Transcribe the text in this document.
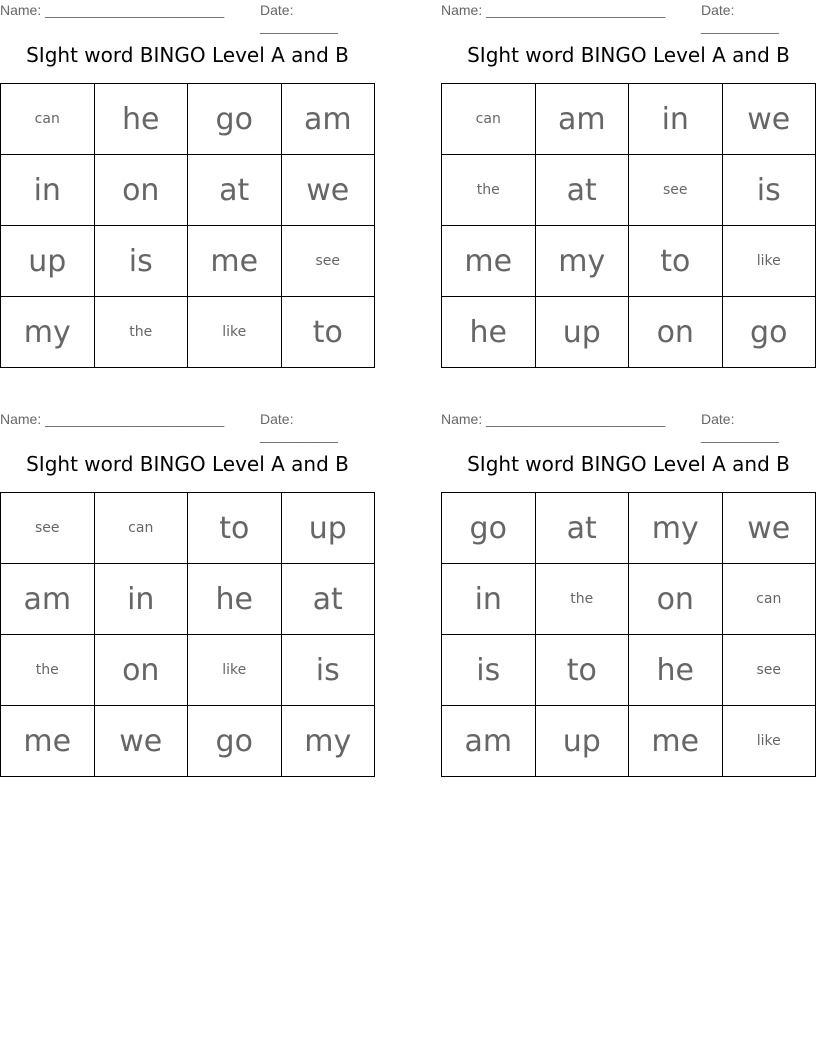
Name: _______________________	Date: __________
SIght word BINGO Level A and B
can	he	go	am
in	on	at	we
up	is	me	see
my	the	like	to
Name: _______________________	Date: __________
SIght word BINGO Level A and B
can	am	in	we
the	at	see	is
me	my	to	like
he	up	on	go
Name: _______________________	Date: __________
SIght word BINGO Level A and B
see	can	to	up
am	in	he	at
the	on	like	is
me	we	go	my
Name: _______________________	Date: __________
SIght word BINGO Level A and B
go	at	my	we
in	the	on	can
is	to	he	see
am	up	me	like
